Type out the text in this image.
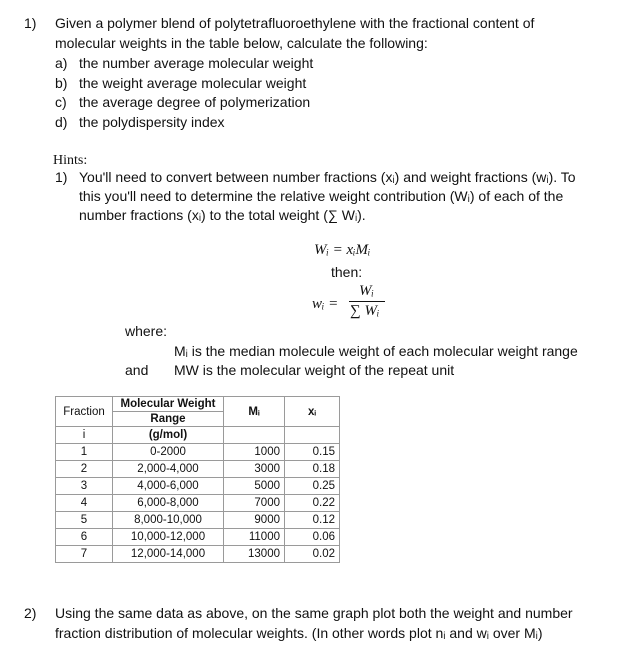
1) Given a polymer blend of polytetrafluoroethylene with the fractional content of
molecular weights in the table below, calculate the following:
a) the number average molecular weight
b) the weight average molecular weight
c) the average degree of polymerization
d) the polydispersity index
Hints:
1) You'll need to convert between number fractions (xᵢ) and weight fractions (wᵢ). To
this you'll need to determine the relative weight contribution (Wᵢ) of each of the
number fractions (xᵢ) to the total weight (∑ Wᵢ).
Wᵢ = xᵢMᵢ
then:
wᵢ =
Wᵢ
∑ Wᵢ
where:
Mᵢ is the median molecule weight of each molecular weight range
and MW is the molecular weight of the repeat unit
Fraction	Molecular Weight	Mᵢ	xᵢ
	Range		
i	(g/mol)		
1	0-2000	1000	0.15
2	2,000-4,000	3000	0.18
3	4,000-6,000	5000	0.25
4	6,000-8,000	7000	0.22
5	8,000-10,000	9000	0.12
6	10,000-12,000	11000	0.06
7	12,000-14,000	13000	0.02
2) Using the same data as above, on the same graph plot both the weight and number
fraction distribution of molecular weights. (In other words plot nᵢ and wᵢ over Mᵢ)
